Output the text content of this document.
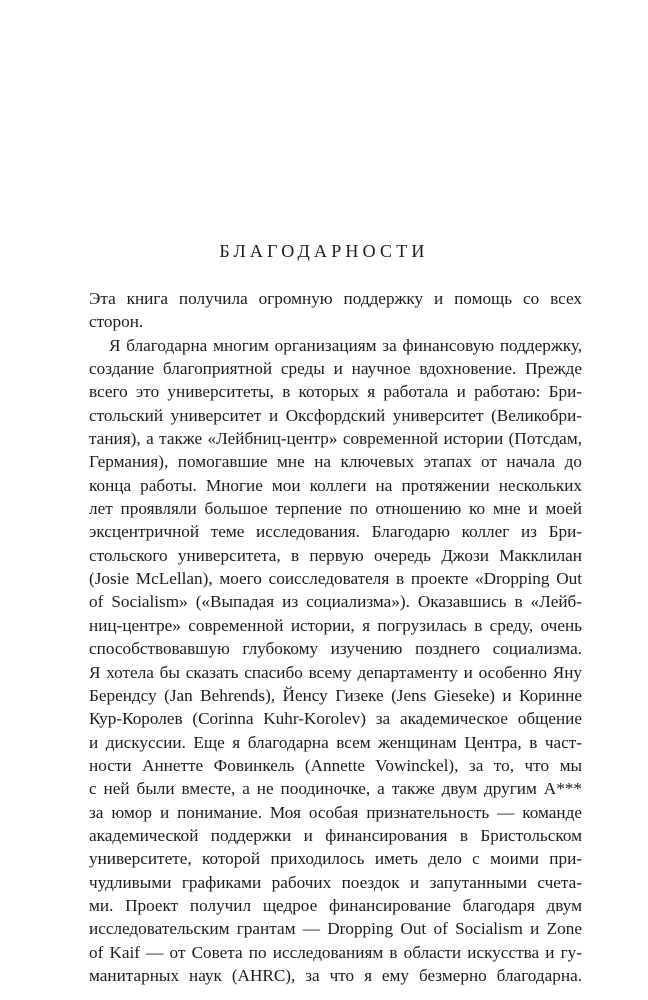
БЛАГОДАРНОСТИ
Эта книга получила огромную поддержку и помощь со всех
сторон.
Я благодарна многим организациям за финансовую поддержку,
создание благоприятной среды и научное вдохновение. Прежде
всего это университеты, в которых я работала и работаю: Бри-
стольский университет и Оксфордский университет (Великобри-
тания), а также «Лейбниц-центр» современной истории (Потсдам,
Германия), помогавшие мне на ключевых этапах от начала до
конца работы. Многие мои коллеги на протяжении нескольких
лет проявляли большое терпение по отношению ко мне и моей
эксцентричной теме исследования. Благодарю коллег из Бри-
стольского университета, в первую очередь Джози Макклилан
(Josie McLellan), моего соисследователя в проекте «Dropping Out
of Socialism» («Выпадая из социализма»). Оказавшись в «Лейб-
ниц-центре» современной истории, я погрузилась в среду, очень
способствовавшую глубокому изучению позднего социализма.
Я хотела бы сказать спасибо всему департаменту и особенно Яну
Берендсу (Jan Behrends), Йенсу Гизеке (Jens Gieseke) и Коринне
Кур-Королев (Corinna Kuhr-Korolev) за академическое общение
и дискуссии. Еще я благодарна всем женщинам Центра, в част-
ности Аннетте Фовинкель (Annette Vowinckel), за то, что мы
с ней были вместе, а не поодиночке, а также двум другим A***
за юмор и понимание. Моя особая признательность — команде
академической поддержки и финансирования в Бристольском
университете, которой приходилось иметь дело с моими при-
чудливыми графиками рабочих поездок и запутанными счета-
ми. Проект получил щедрое финансирование благодаря двум
исследовательским грантам — Dropping Out of Socialism и Zone
of Kaif — от Совета по исследованиям в области искусства и гу-
манитарных наук (AHRC), за что я ему безмерно благодарна.
